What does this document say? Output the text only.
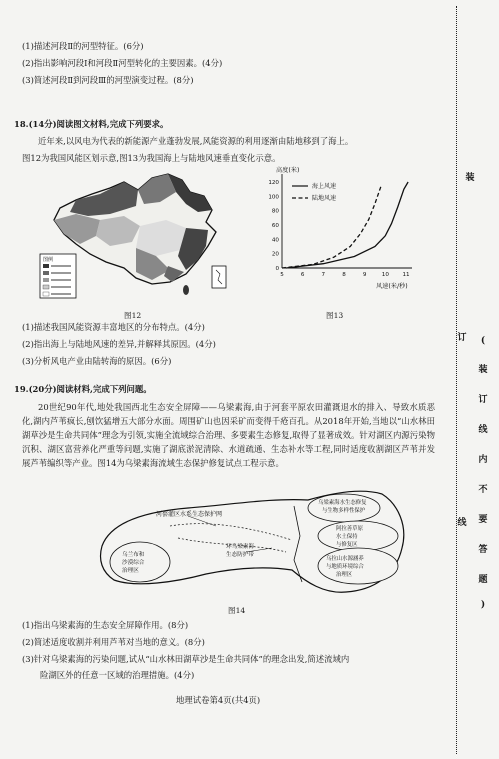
(1)描述河段Ⅱ的河型特征。(6分)
(2)指出影响河段Ⅰ和河段Ⅱ河型转化的主要因素。(4分)
(3)简述河段Ⅱ到河段Ⅲ的河型演变过程。(8分)
18.(14分)阅读图文材料,完成下列要求。
近年来,以风电为代表的新能源产业蓬勃发展,风能资源的利用逐渐由陆地移到了海上。
图12为我国风能区划示意,图13为我国海上与陆地风速垂直变化示意。
图例
图12
高度(米)
风速(米/秒)
0
20
40
60
80
100
120
5	6	7	8	9	10 11
海上风速
陆地风速
图13
(1)描述我国风能资源丰富地区的分布特点。(4分)
(2)指出海上与陆地风速的差异,并解释其原因。(4分)
(3)分析风电产业由陆转海的原因。(6分)
19.(20分)阅读材料,完成下列问题。
20世纪90年代,地处我国西北生态安全屏障——乌梁素海,由于河套平原农田灌溉退水的排入、导致水质恶化,湖内芦苇疯长,刨饮猛增五大部分水面。周围矿山也因采矿而变得千疮百孔。从2018年开始,当地以“山水林田湖草沙是生命共同体”理念为引领,实施全流域综合治理、多要素生态修复,取得了显著成效。针对湖区内源污染物沉积、湖区富营养化严重等问题,实施了湖底淤泥清除、水道疏通、生态补水等工程,同时适度收割湖区芦苇并发展芦苇编织等产业。图14为乌梁素海流域生态保护修复试点工程示意。
河套灌区水系生态保护网
乌兰布和
沙漠综合
治理区
环乌梁素海
生态防护带
乌梁素海水生态修复
与生物多样性保护
阿拉善草原
水土保持
与修复区
乌拉山水源涵养
与地质环境综合
治理区
图14
(1)指出乌梁素海的生态安全屏障作用。(8分)
(2)简述适度收割并利用芦苇对当地的意义。(8分)
(3)针对乌梁素海的污染问题,试从“山水林田湖草沙是生命共同体”的理念出发,简述流域内
险湖区外的任意一区域的治理措施。(4分)
地理试卷第4页(共4页)
装
订
线
(
装
订
线
内
不
要
答
题
)
